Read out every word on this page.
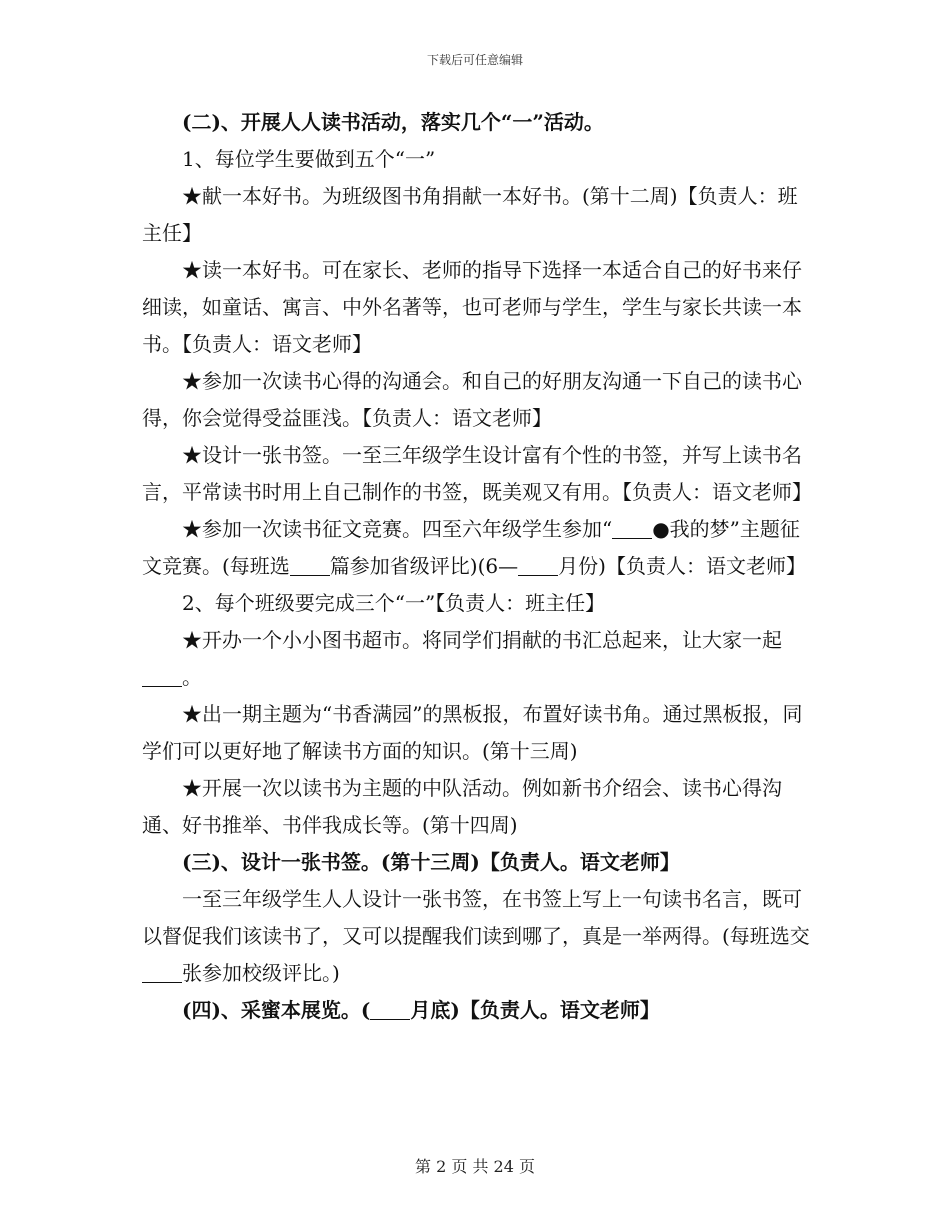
下载后可任意编辑

(二)、开展人人读书活动，落实几个“一”活动。

1、每位学生要做到五个“一”

★献一本好书。为班级图书角捐献一本好书。(第十二周)【负责人：班主任】

★读一本好书。可在家长、老师的指导下选择一本适合自己的好书来仔细读，如童话、寓言、中外名著等，也可老师与学生，学生与家长共读一本书。【负责人：语文老师】

★参加一次读书心得的沟通会。和自己的好朋友沟通一下自己的读书心得，你会觉得受益匪浅。【负责人：语文老师】

★设计一张书签。一至三年级学生设计富有个性的书签，并写上读书名言，平常读书时用上自己制作的书签，既美观又有用。【负责人：语文老师】

★参加一次读书征文竞赛。四至六年级学生参加“ ●我的梦”主题征文竞赛。(每班选 篇参加省级评比)(6— 月份)【负责人：语文老师】

2、每个班级要完成三个“一”【负责人：班主任】

★开办一个小小图书超市。将同学们捐献的书汇总起来，让大家一起。

★出一期主题为“书香满园”的黑板报，布置好读书角。通过黑板报，同学们可以更好地了解读书方面的知识。(第十三周)

★开展一次以读书为主题的中队活动。例如新书介绍会、读书心得沟通、好书推举、书伴我成长等。(第十四周)

(三)、设计一张书签。(第十三周)【负责人。语文老师】

一至三年级学生人人设计一张书签，在书签上写上一句读书名言，既可以督促我们该读书了，又可以提醒我们读到哪了，真是一举两得。(每班选交张参加校级评比。)

(四)、采蜜本展览。( 月底)【负责人。语文老师】

第 2 页 共 24 页
